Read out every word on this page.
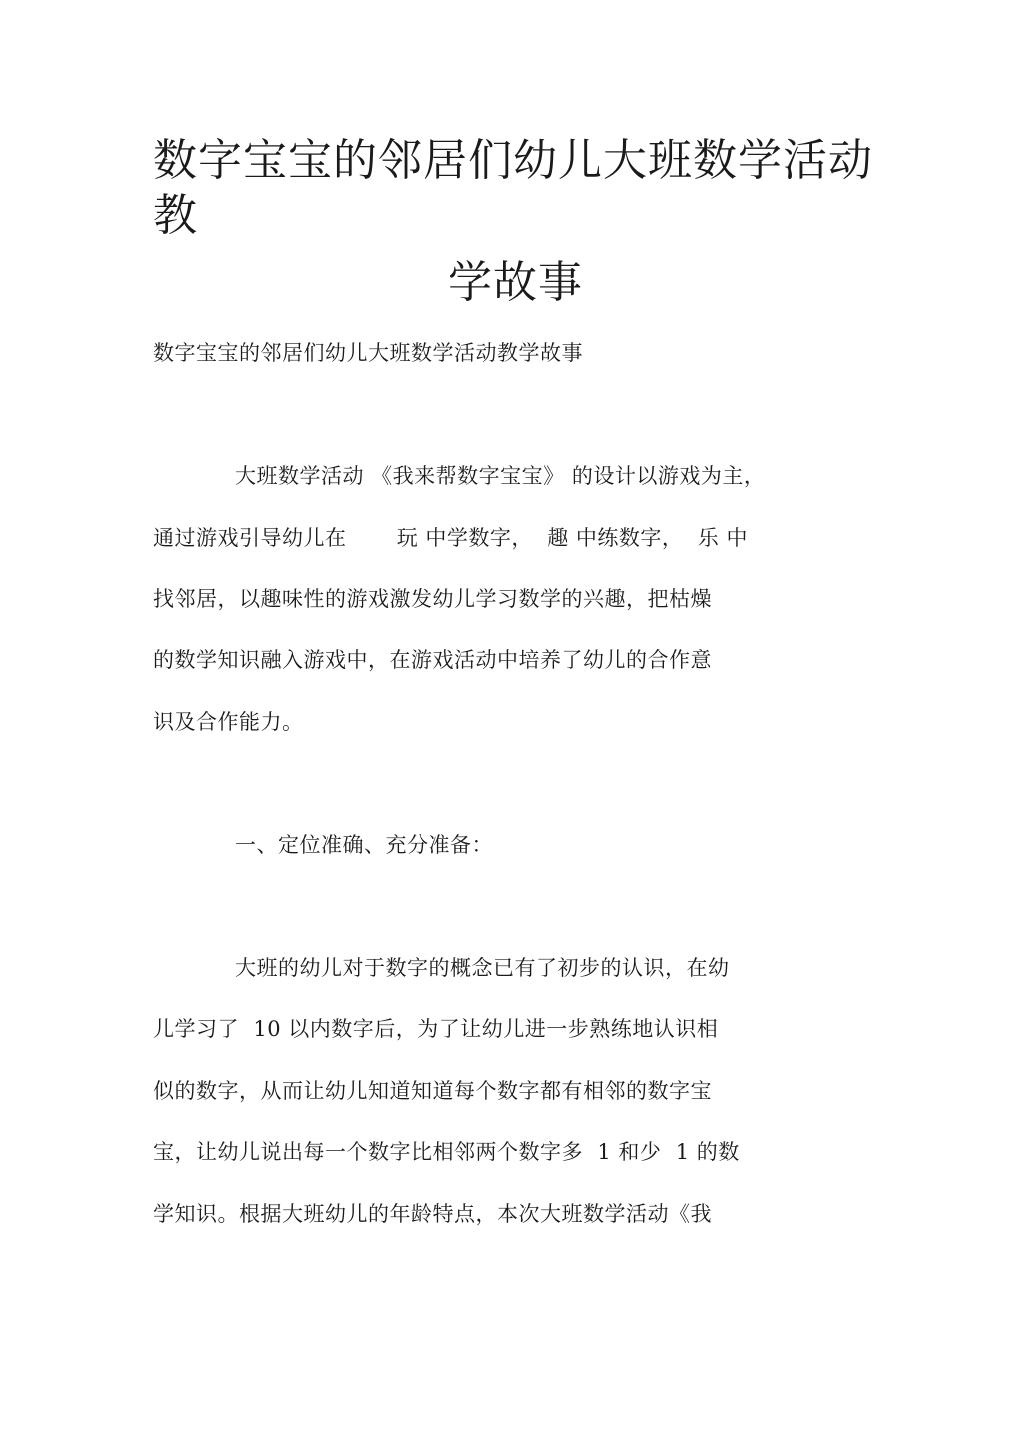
数字宝宝的邻居们幼儿大班数学活动
教
学故事
数字宝宝的邻居们幼儿大班数学活动教学故事
大班数学活动 《我来帮数字宝宝》 的设计以游戏为主，
通过游戏引导幼儿在       玩 中学数字，  趣 中练数字，  乐 中
找邻居，以趣味性的游戏激发幼儿学习数学的兴趣，把枯燥
的数学知识融入游戏中，在游戏活动中培养了幼儿的合作意
识及合作能力。
一、定位准确、充分准备：
大班的幼儿对于数字的概念已有了初步的认识，在幼
儿学习了  10 以内数字后，为了让幼儿进一步熟练地认识相
似的数字，从而让幼儿知道知道每个数字都有相邻的数字宝
宝，让幼儿说出每一个数字比相邻两个数字多  1 和少  1 的数
学知识。根据大班幼儿的年龄特点，本次大班数学活动《我
